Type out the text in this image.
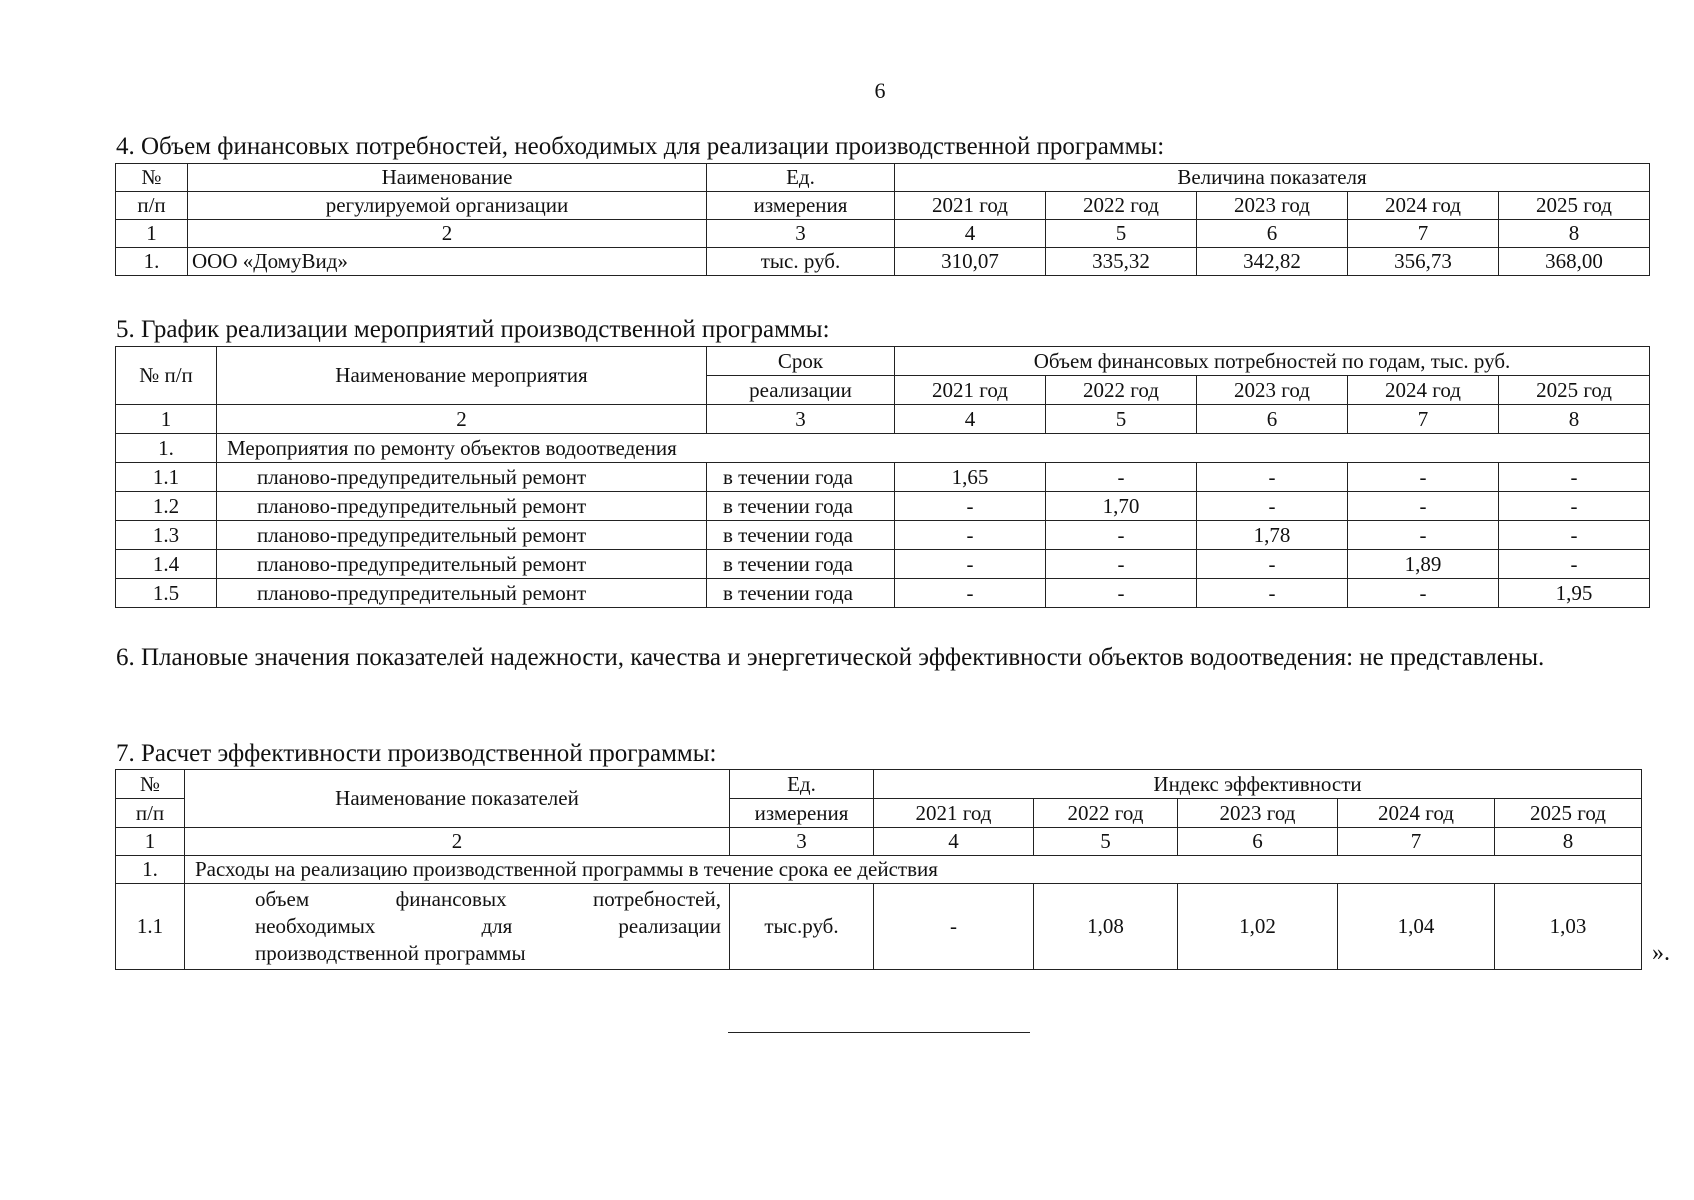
6
4. Объем финансовых потребностей, необходимых для реализации производственной программы:
№	Наименование	Ед.	Величина показателя				
п/п	регулируемой организации	измерения	2021 год	2022 год	2023 год	2024 год	2025 год
1	2	3	4	5	6	7	8
1.	ООО «ДомуВид»	тыс. руб.	310,07	335,32	342,82	356,73	368,00
5. График реализации мероприятий производственной программы:
№ п/п	Наименование мероприятия	Срок	Объем финансовых потребностей по годам, тыс. руб.				
		реализации	2021 год	2022 год	2023 год	2024 год	2025 год
1	2	3	4	5	6	7	8
1.	Мероприятия по ремонту объектов водоотведения						
1.1	планово-предупредительный ремонт	в течении года	1,65	-	-	-	-
1.2	планово-предупредительный ремонт	в течении года	-	1,70	-	-	-
1.3	планово-предупредительный ремонт	в течении года	-	-	1,78	-	-
1.4	планово-предупредительный ремонт	в течении года	-	-	-	1,89	-
1.5	планово-предупредительный ремонт	в течении года	-	-	-	-	1,95
6. Плановые значения показателей надежности, качества и энергетической эффективности объектов водоотведения: не представлены.
7. Расчет эффективности производственной программы:
№	Наименование показателей	Ед.	Индекс эффективности				
п/п		измерения	2021 год	2022 год	2023 год	2024 год	2025 год
1	2	3	4	5	6	7	8
1.	Расходы на реализацию производственной программы в течение срока ее действия						
1.1	объем финансовых потребностей,
необходимых для реализации
производственной программы	тыс.руб.	-	1,08	1,02	1,04	1,03
».
